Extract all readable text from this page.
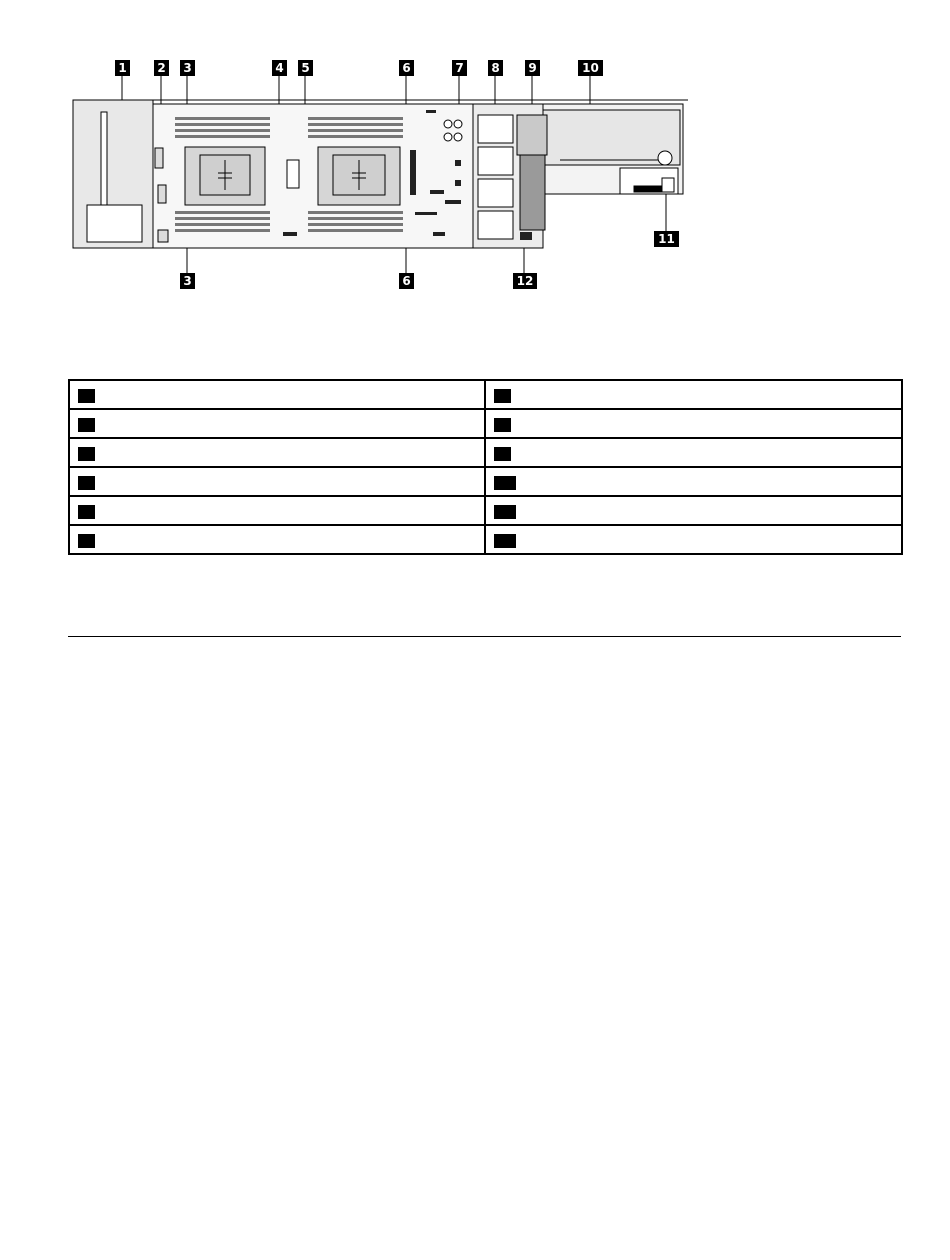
1	2 3	4 5	6	7 8 9	10
3	6	12
11
